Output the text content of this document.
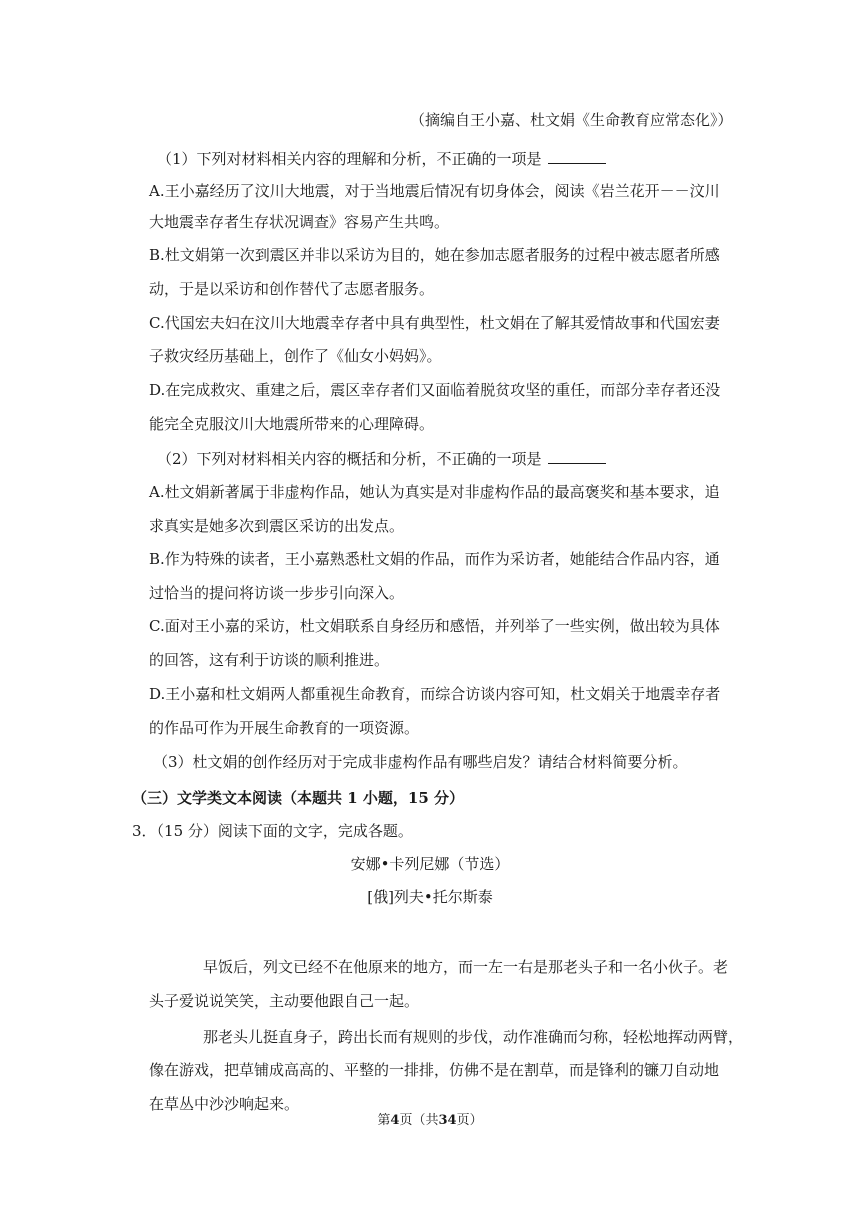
（摘编自王小嘉、杜文娟《生命教育应常态化》）
（1）下列对材料相关内容的理解和分析，不正确的一项是
A.王小嘉经历了汶川大地震，对于当地震后情况有切身体会，阅读《岩兰花开－－汶川
大地震幸存者生存状况调查》容易产生共鸣。
B.杜文娟第一次到震区并非以采访为目的，她在参加志愿者服务的过程中被志愿者所感
动，于是以采访和创作替代了志愿者服务。
C.代国宏夫妇在汶川大地震幸存者中具有典型性，杜文娟在了解其爱情故事和代国宏妻
子救灾经历基础上，创作了《仙女小妈妈》。
D.在完成救灾、重建之后，震区幸存者们又面临着脱贫攻坚的重任，而部分幸存者还没
能完全克服汶川大地震所带来的心理障碍。
（2）下列对材料相关内容的概括和分析，不正确的一项是
A.杜文娟新著属于非虚构作品，她认为真实是对非虚构作品的最高褒奖和基本要求，追
求真实是她多次到震区采访的出发点。
B.作为特殊的读者，王小嘉熟悉杜文娟的作品，而作为采访者，她能结合作品内容，通
过恰当的提问将访谈一步步引向深入。
C.面对王小嘉的采访，杜文娟联系自身经历和感悟，并列举了一些实例，做出较为具体
的回答，这有利于访谈的顺利推进。
D.王小嘉和杜文娟两人都重视生命教育，而综合访谈内容可知，杜文娟关于地震幸存者
的作品可作为开展生命教育的一项资源。
（3）杜文娟的创作经历对于完成非虚构作品有哪些启发？请结合材料简要分析。
（三）文学类文本阅读（本题共 1 小题，15 分）
3．（15 分）阅读下面的文字，完成各题。
安娜•卡列尼娜（节选）
[俄]列夫•托尔斯泰
早饭后，列文已经不在他原来的地方，而一左一右是那老头子和一名小伙子。老
头子爱说说笑笑，主动要他跟自己一起。
那老头儿挺直身子，跨出长而有规则的步伐，动作准确而匀称，轻松地挥动两臂，
像在游戏，把草铺成高高的、平整的一排排，仿佛不是在割草，而是锋利的镰刀自动地
在草丛中沙沙响起来。
第4页（共34页）
